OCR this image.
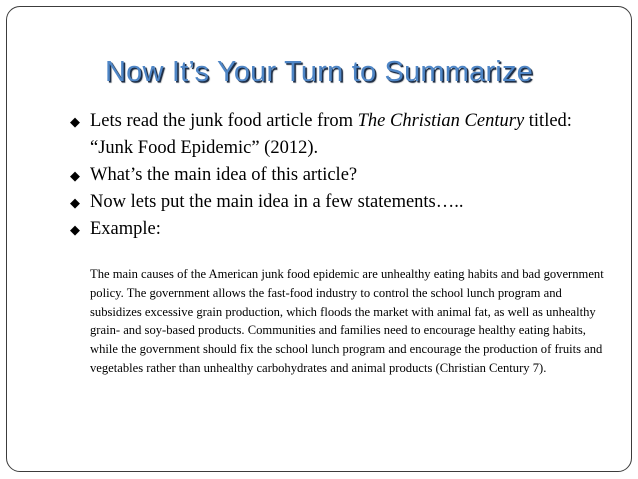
Now It’s Your Turn to Summarize
◆ Lets read the junk food article from The Christian Century titled: “Junk Food Epidemic” (2012).
◆ What’s the main idea of this article?
◆ Now lets put the main idea in a few statements…..
◆ Example:
The main causes of the American junk food epidemic are unhealthy eating habits and bad government policy. The government allows the fast-food industry to control the school lunch program and subsidizes excessive grain production, which floods the market with animal fat, as well as unhealthy grain- and soy-based products. Communities and families need to encourage healthy eating habits, while the government should fix the school lunch program and encourage the production of fruits and vegetables rather than unhealthy carbohydrates and animal products (Christian Century 7).
